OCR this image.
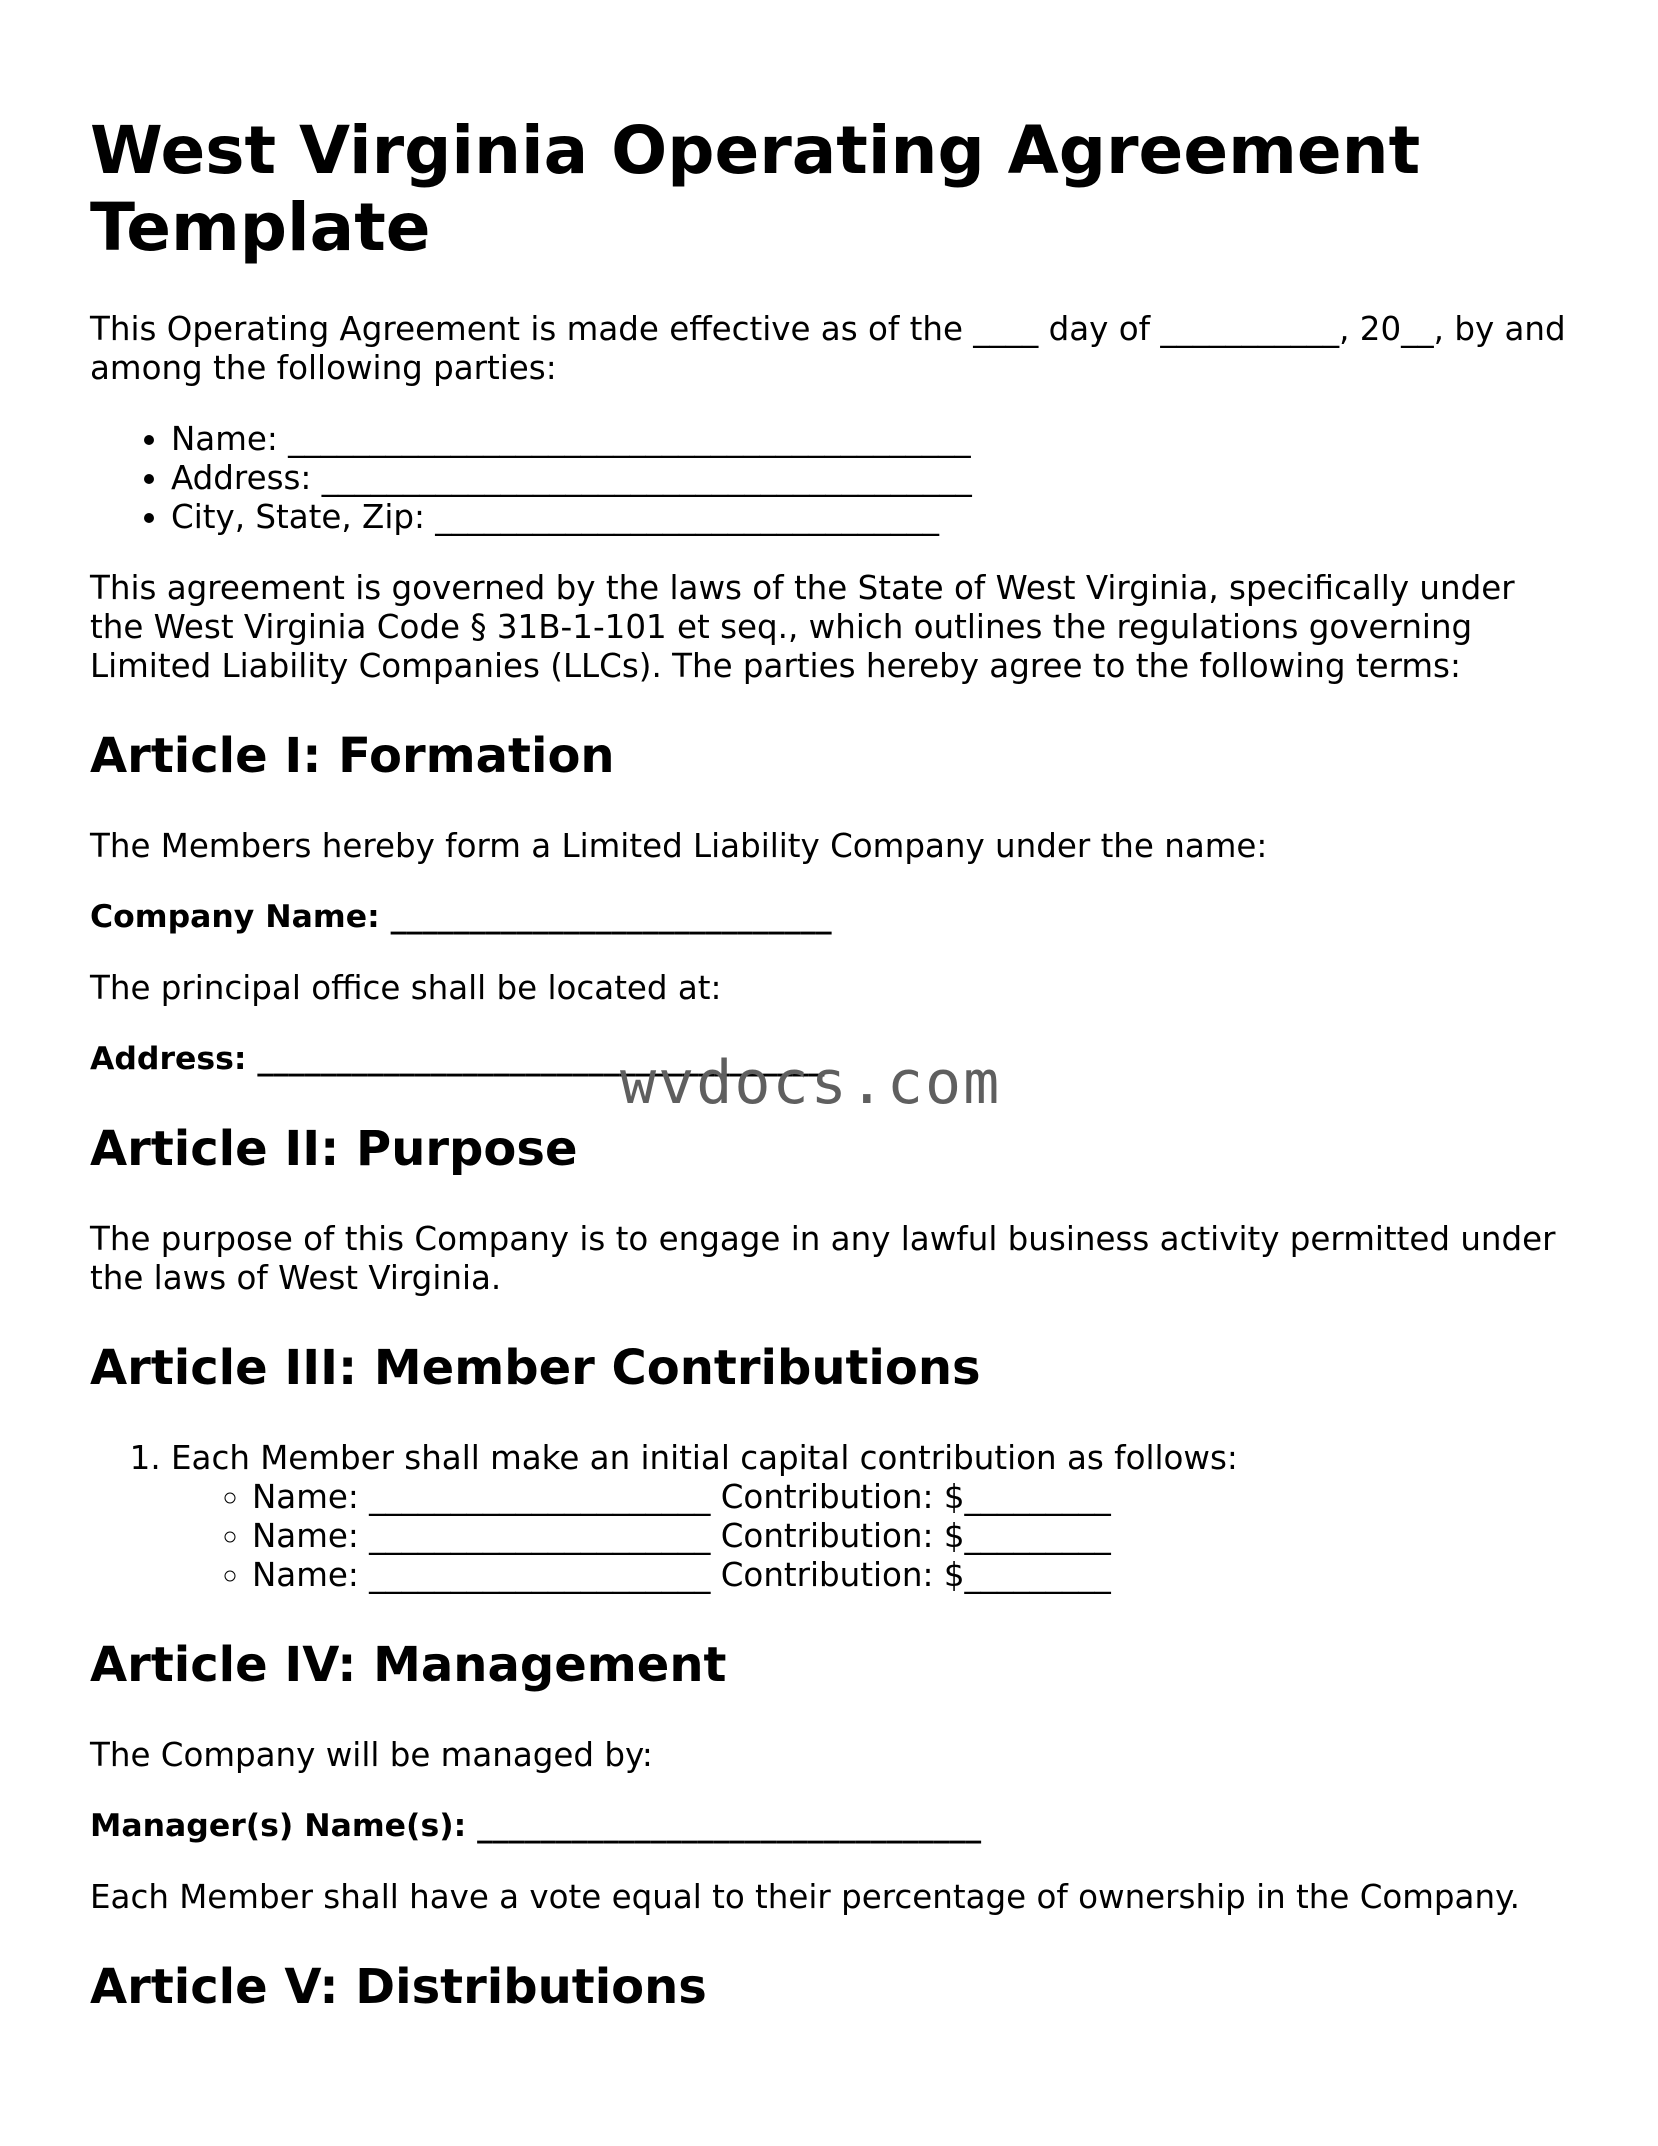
West Virginia Operating Agreement Template

This Operating Agreement is made effective as of the ____ day of ___________, 20__, by and among the following parties:

• Name: __________________________________________
• Address: ________________________________________
• City, State, Zip: _______________________________

This agreement is governed by the laws of the State of West Virginia, specifically under the West Virginia Code § 31B-1-101 et seq., which outlines the regulations governing Limited Liability Companies (LLCs). The parties hereby agree to the following terms:

Article I: Formation

The Members hereby form a Limited Liability Company under the name:

Company Name: ____________________________

The principal office shall be located at:

Address: ____________________________________

Article II: Purpose

The purpose of this Company is to engage in any lawful business activity permitted under the laws of West Virginia.

Article III: Member Contributions
1. Each Member shall make an initial capital contribution as follows:
◦ Name: _____________________ Contribution: $_________
◦ Name: _____________________ Contribution: $_________
◦ Name: _____________________ Contribution: $_________
Article IV: Management

The Company will be managed by:

Manager(s) Name(s): ________________________________

Each Member shall have a vote equal to their percentage of ownership in the Company.

Article V: Distributions
wvdocs.com
